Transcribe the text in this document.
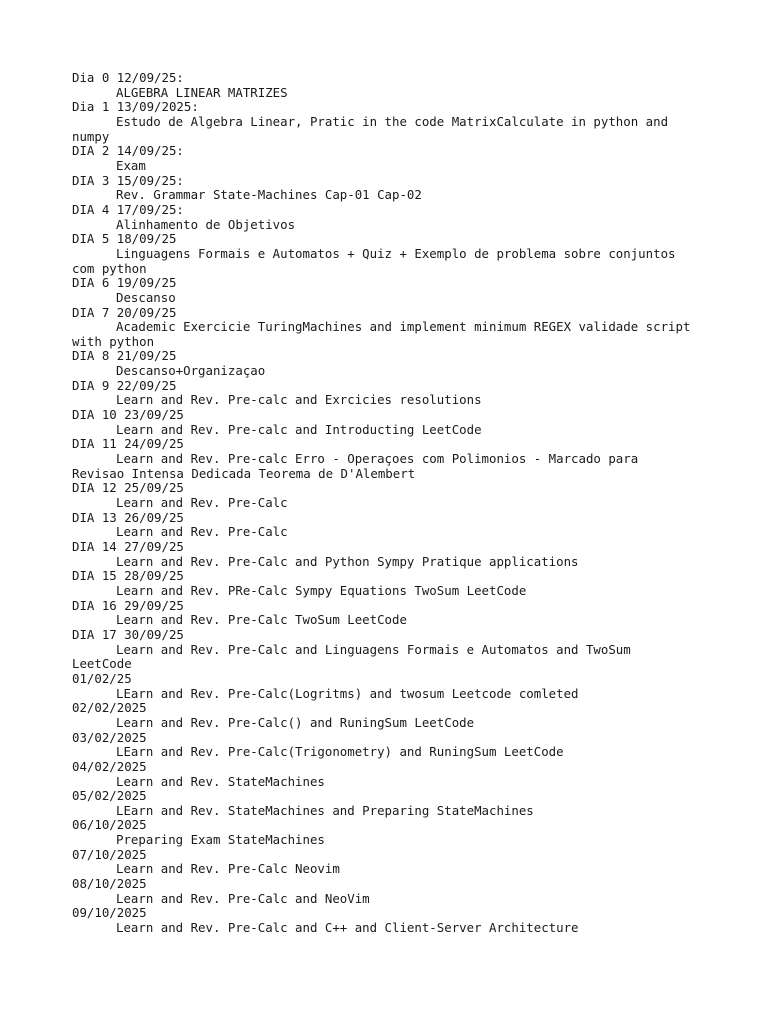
Dia 0 12/09/25:
ALGEBRA LINEAR MATRIZES
Dia 1 13/09/2025:
Estudo de Algebra Linear, Pratic in the code MatrixCalculate in python and
numpy
DIA 2 14/09/25:
Exam
DIA 3 15/09/25:
Rev. Grammar State-Machines Cap-01 Cap-02
DIA 4 17/09/25:
Alinhamento de Objetivos
DIA 5 18/09/25
Linguagens Formais e Automatos + Quiz + Exemplo de problema sobre conjuntos
com python
DIA 6 19/09/25
Descanso
DIA 7 20/09/25
Academic Exercicie TuringMachines and implement minimum REGEX validade script
with python
DIA 8 21/09/25
Descanso+Organizaçao
DIA 9 22/09/25
Learn and Rev. Pre-calc and Exrcicies resolutions
DIA 10 23/09/25
Learn and Rev. Pre-calc and Introducting LeetCode
DIA 11 24/09/25
Learn and Rev. Pre-calc Erro - Operaçoes com Polimonios - Marcado para
Revisao Intensa Dedicada Teorema de D'Alembert
DIA 12 25/09/25
Learn and Rev. Pre-Calc
DIA 13 26/09/25
Learn and Rev. Pre-Calc
DIA 14 27/09/25
Learn and Rev. Pre-Calc and Python Sympy Pratique applications
DIA 15 28/09/25
Learn and Rev. PRe-Calc Sympy Equations TwoSum LeetCode
DIA 16 29/09/25
Learn and Rev. Pre-Calc TwoSum LeetCode
DIA 17 30/09/25
Learn and Rev. Pre-Calc and Linguagens Formais e Automatos and TwoSum
LeetCode
01/02/25
LEarn and Rev. Pre-Calc(Logritms) and twosum Leetcode comleted
02/02/2025
Learn and Rev. Pre-Calc() and RuningSum LeetCode
03/02/2025
LEarn and Rev. Pre-Calc(Trigonometry) and RuningSum LeetCode
04/02/2025
Learn and Rev. StateMachines
05/02/2025
LEarn and Rev. StateMachines and Preparing StateMachines
06/10/2025
Preparing Exam StateMachines
07/10/2025
Learn and Rev. Pre-Calc Neovim
08/10/2025
Learn and Rev. Pre-Calc and NeoVim
09/10/2025
Learn and Rev. Pre-Calc and C++ and Client-Server Architecture
